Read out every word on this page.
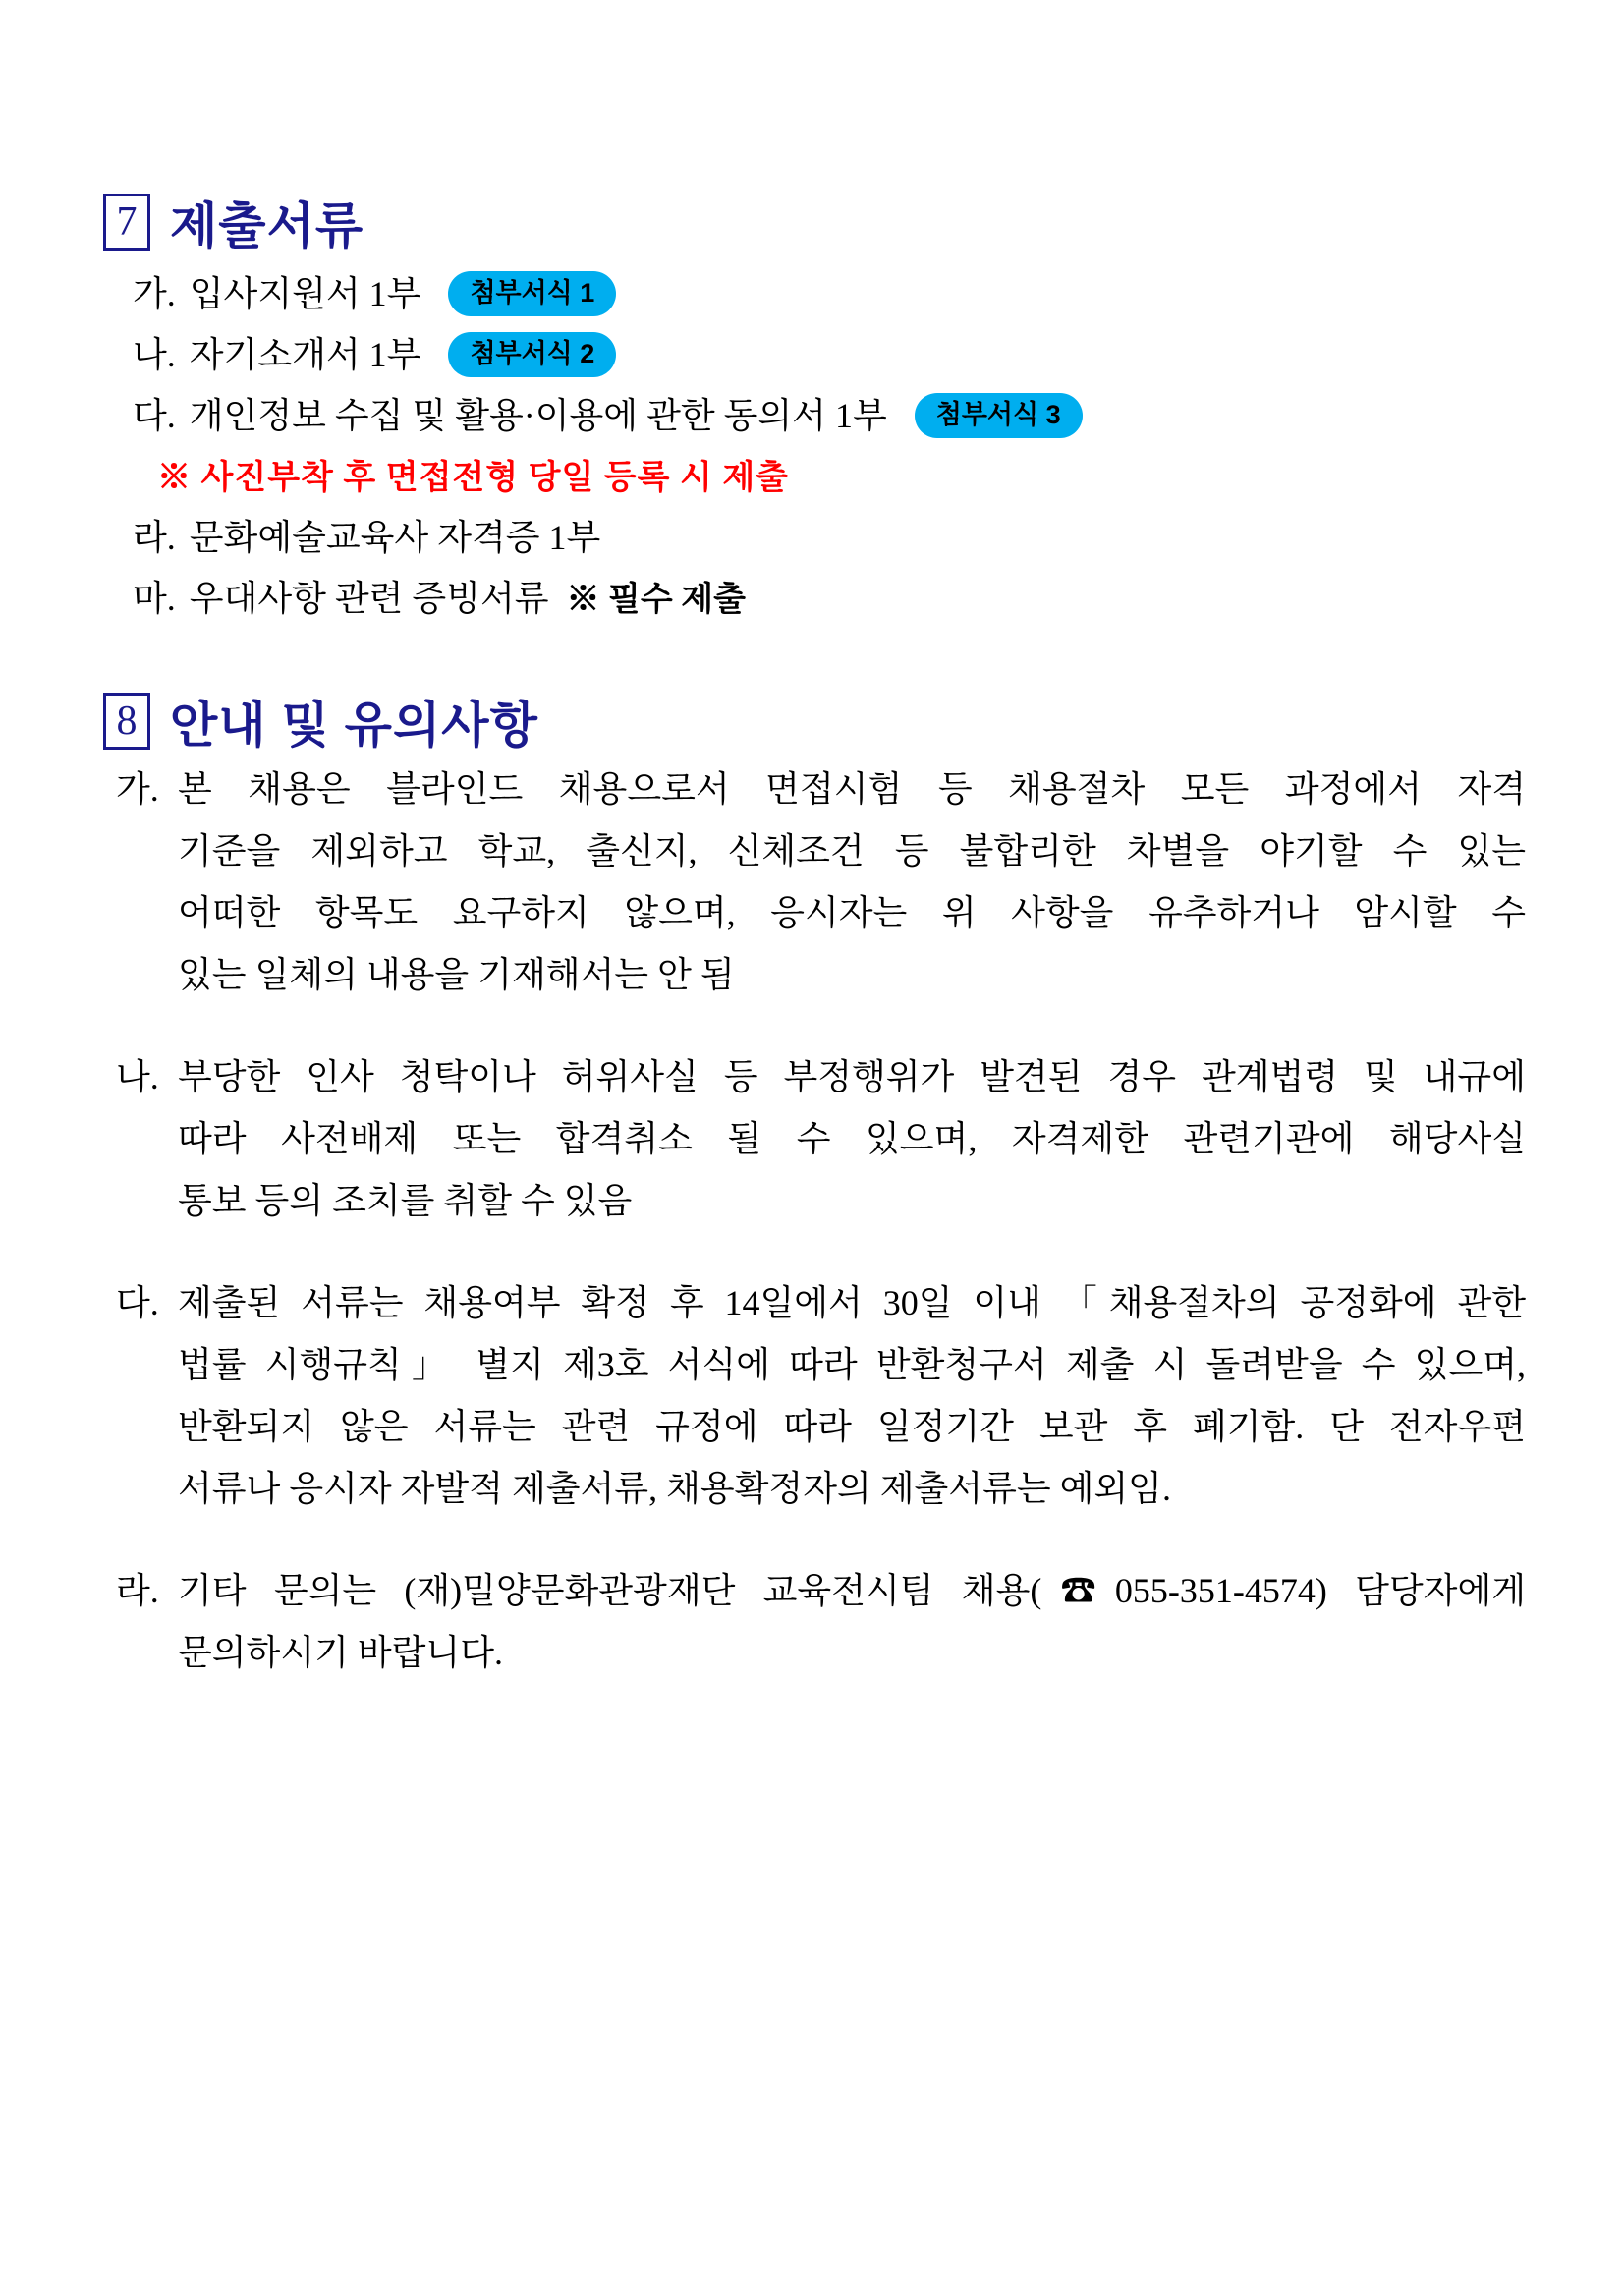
7 제출서류
가. 입사지원서 1부 첨부서식 1
나. 자기소개서 1부 첨부서식 2
다. 개인정보 수집 및 활용·이용에 관한 동의서 1부 첨부서식 3
※ 사진부착 후 면접전형 당일 등록 시 제출
라. 문화예술교육사 자격증 1부
마. 우대사항 관련 증빙서류 ※ 필수 제출
8 안내 및 유의사항
가. 본 채용은 블라인드 채용으로서 면접시험 등 채용절차 모든 과정에서 자격
기준을 제외하고 학교, 출신지, 신체조건 등 불합리한 차별을 야기할 수 있는
어떠한 항목도 요구하지 않으며, 응시자는 위 사항을 유추하거나 암시할 수
있는 일체의 내용을 기재해서는 안 됨
나. 부당한 인사 청탁이나 허위사실 등 부정행위가 발견된 경우 관계법령 및 내규에
따라 사전배제 또는 합격취소 될 수 있으며, 자격제한 관련기관에 해당사실
통보 등의 조치를 취할 수 있음
다. 제출된 서류는 채용여부 확정 후 14일에서 30일 이내 「채용절차의 공정화에 관한
법률 시행규칙」 별지 제3호 서식에 따라 반환청구서 제출 시 돌려받을 수 있으며,
반환되지 않은 서류는 관련 규정에 따라 일정기간 보관 후 폐기함. 단 전자우편
서류나 응시자 자발적 제출서류, 채용확정자의 제출서류는 예외임.
라. 기타 문의는 (재)밀양문화관광재단 교육전시팀 채용(☎055-351-4574) 담당자에게
문의하시기 바랍니다.
